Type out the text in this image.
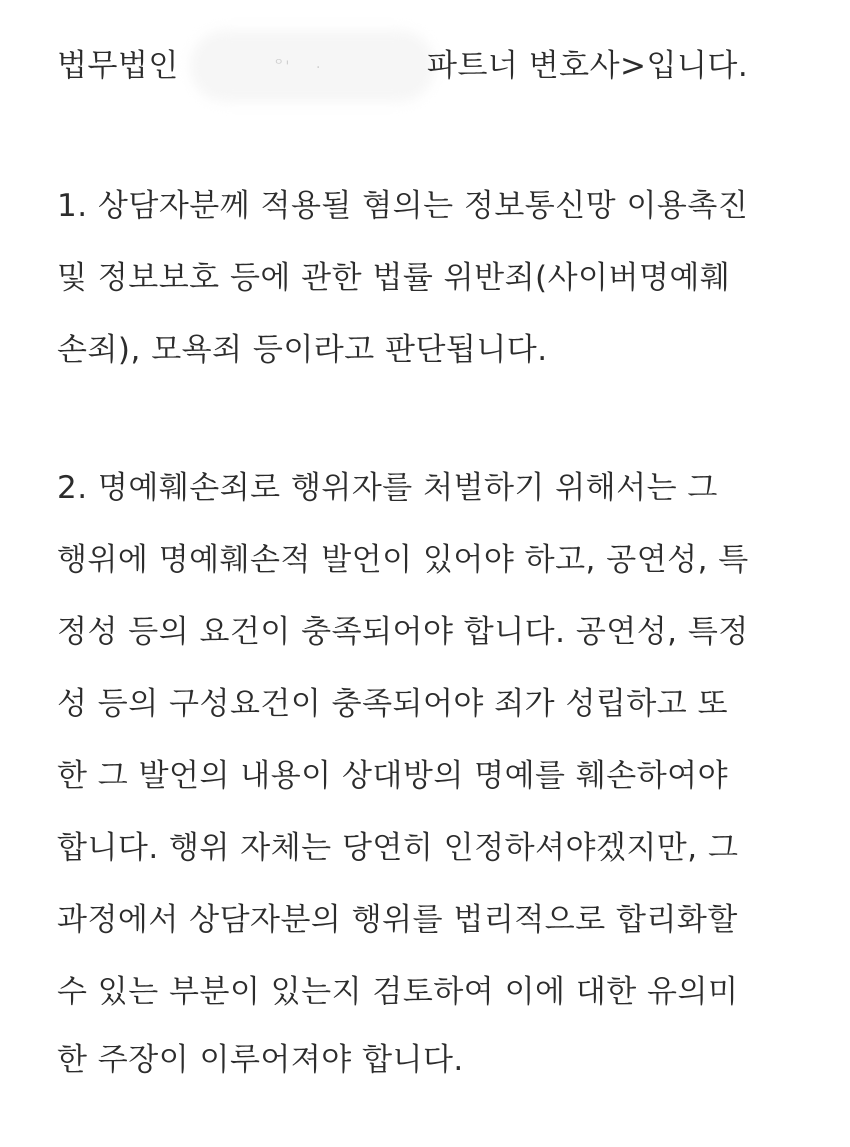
법무법인	ᄋ' ·	파트너 변호사>입니다.
1. 상담자분께 적용될 혐의는 정보통신망 이용촉진
및 정보보호 등에 관한 법률 위반죄(사이버명예훼
손죄), 모욕죄 등이라고 판단됩니다.
2. 명예훼손죄로 행위자를 처벌하기 위해서는 그
행위에 명예훼손적 발언이 있어야 하고, 공연성, 특
정성 등의 요건이 충족되어야 합니다. 공연성, 특정
성 등의 구성요건이 충족되어야 죄가 성립하고 또
한 그 발언의 내용이 상대방의 명예를 훼손하여야
합니다. 행위 자체는 당연히 인정하셔야겠지만, 그
과정에서 상담자분의 행위를 법리적으로 합리화할
수 있는 부분이 있는지 검토하여 이에 대한 유의미
한 주장이 이루어져야 합니다.
